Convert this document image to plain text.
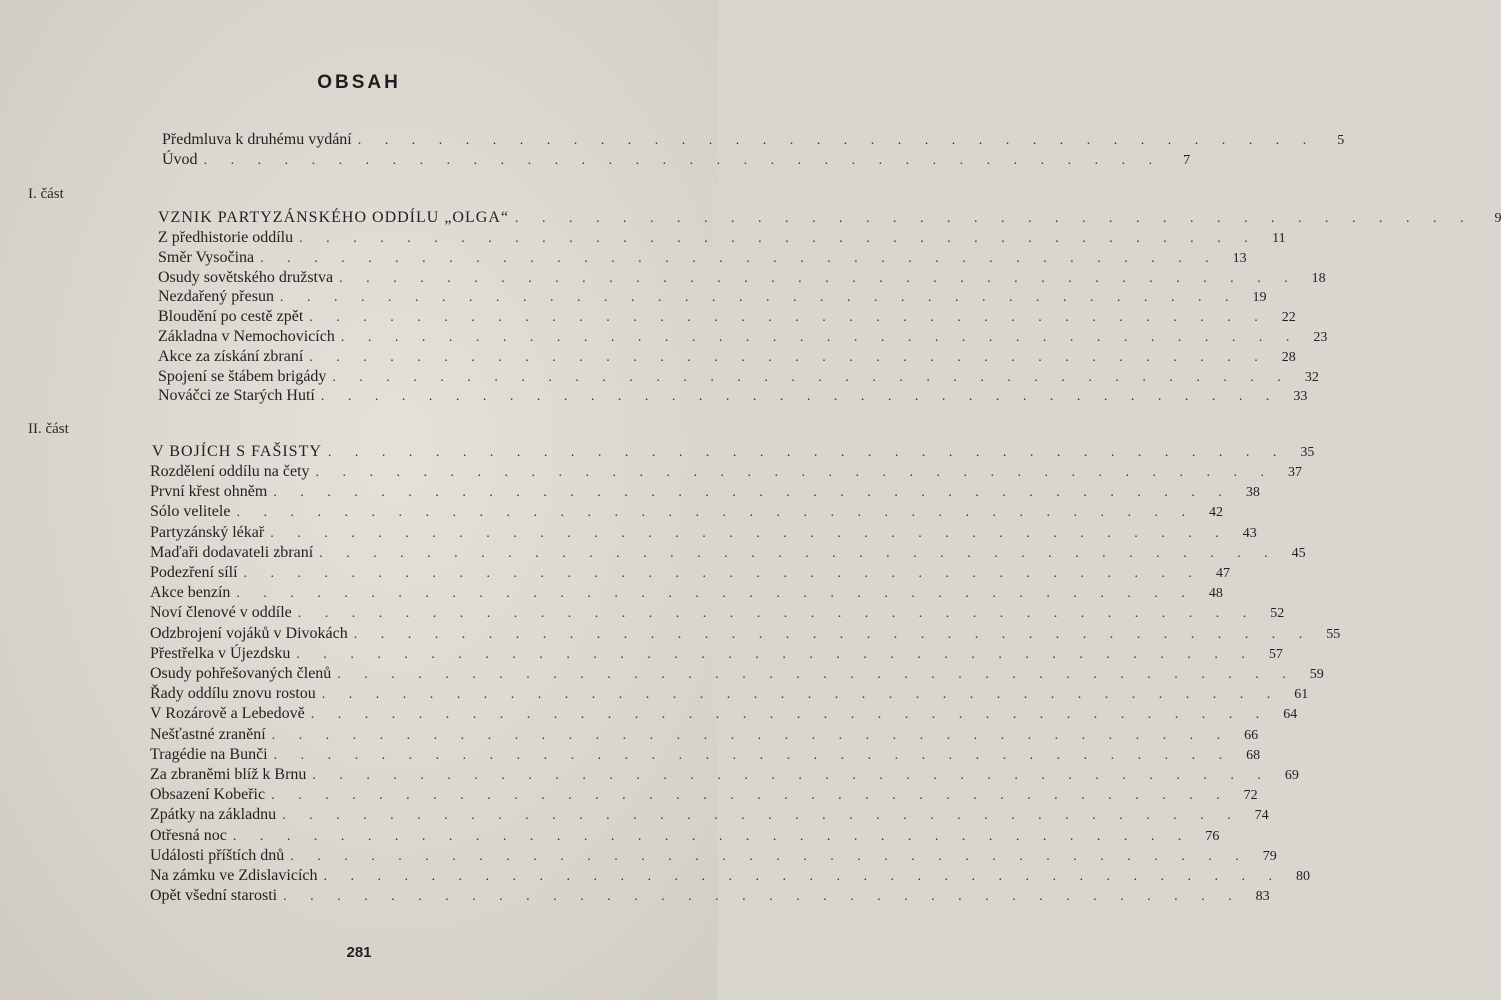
OBSAH
Předmluva k druhému vydání . . . . . . . . . . . . . . . . . . . . . . . . . . . . . . . . . . . .	5
Úvod . . . . . . . . . . . . . . . . . . . . . . . . . . . . . . . . . . . .	7
I. část
VZNIK PARTYZÁNSKÉHO ODDÍLU „OLGA“ . . . . . . . . . . . . . . . . . . . . . . . . . . . . . . . . . . . .	9
Z předhistorie oddílu . . . . . . . . . . . . . . . . . . . . . . . . . . . . . . . . . . . .	11
Směr Vysočina . . . . . . . . . . . . . . . . . . . . . . . . . . . . . . . . . . . .	13
Osudy sovětského družstva . . . . . . . . . . . . . . . . . . . . . . . . . . . . . . . . . . . .	18
Nezdařený přesun . . . . . . . . . . . . . . . . . . . . . . . . . . . . . . . . . . . .	19
Bloudění po cestě zpět . . . . . . . . . . . . . . . . . . . . . . . . . . . . . . . . . . . .	22
Základna v Nemochovicích . . . . . . . . . . . . . . . . . . . . . . . . . . . . . . . . . . . .	23
Akce za získání zbraní . . . . . . . . . . . . . . . . . . . . . . . . . . . . . . . . . . . .	28
Spojení se štábem brigády . . . . . . . . . . . . . . . . . . . . . . . . . . . . . . . . . . . .	32
Nováčci ze Starých Hutí . . . . . . . . . . . . . . . . . . . . . . . . . . . . . . . . . . . .	33
II. část
V BOJÍCH S FAŠISTY . . . . . . . . . . . . . . . . . . . . . . . . . . . . . . . . . . . .	35
Rozdělení oddílu na čety . . . . . . . . . . . . . . . . . . . . . . . . . . . . . . . . . . . .	37
První křest ohněm . . . . . . . . . . . . . . . . . . . . . . . . . . . . . . . . . . . .	38
Sólo velitele . . . . . . . . . . . . . . . . . . . . . . . . . . . . . . . . . . . .	42
Partyzánský lékař . . . . . . . . . . . . . . . . . . . . . . . . . . . . . . . . . . . .	43
Maďaři dodavateli zbraní . . . . . . . . . . . . . . . . . . . . . . . . . . . . . . . . . . . .	45
Podezření sílí . . . . . . . . . . . . . . . . . . . . . . . . . . . . . . . . . . . .	47
Akce benzín . . . . . . . . . . . . . . . . . . . . . . . . . . . . . . . . . . . .	48
Noví členové v oddíle . . . . . . . . . . . . . . . . . . . . . . . . . . . . . . . . . . . .	52
Odzbrojení vojáků v Divokách . . . . . . . . . . . . . . . . . . . . . . . . . . . . . . . . . . . .	55
Přestřelka v Újezdsku . . . . . . . . . . . . . . . . . . . . . . . . . . . . . . . . . . . .	57
Osudy pohřešovaných členů . . . . . . . . . . . . . . . . . . . . . . . . . . . . . . . . . . . .	59
Řady oddílu znovu rostou . . . . . . . . . . . . . . . . . . . . . . . . . . . . . . . . . . . .	61
V Rozárově a Lebedově . . . . . . . . . . . . . . . . . . . . . . . . . . . . . . . . . . . .	64
Nešťastné zranění . . . . . . . . . . . . . . . . . . . . . . . . . . . . . . . . . . . .	66
Tragédie na Bunči . . . . . . . . . . . . . . . . . . . . . . . . . . . . . . . . . . . .	68
Za zbraněmi blíž k Brnu . . . . . . . . . . . . . . . . . . . . . . . . . . . . . . . . . . . .	69
Obsazení Kobeřic . . . . . . . . . . . . . . . . . . . . . . . . . . . . . . . . . . . .	72
Zpátky na základnu . . . . . . . . . . . . . . . . . . . . . . . . . . . . . . . . . . . .	74
Otřesná noc . . . . . . . . . . . . . . . . . . . . . . . . . . . . . . . . . . . .	76
Události příštích dnů . . . . . . . . . . . . . . . . . . . . . . . . . . . . . . . . . . . .	79
Na zámku ve Zdislavicích . . . . . . . . . . . . . . . . . . . . . . . . . . . . . . . . . . . .	80
Opět všední starosti . . . . . . . . . . . . . . . . . . . . . . . . . . . . . . . . . . . .	83
281
